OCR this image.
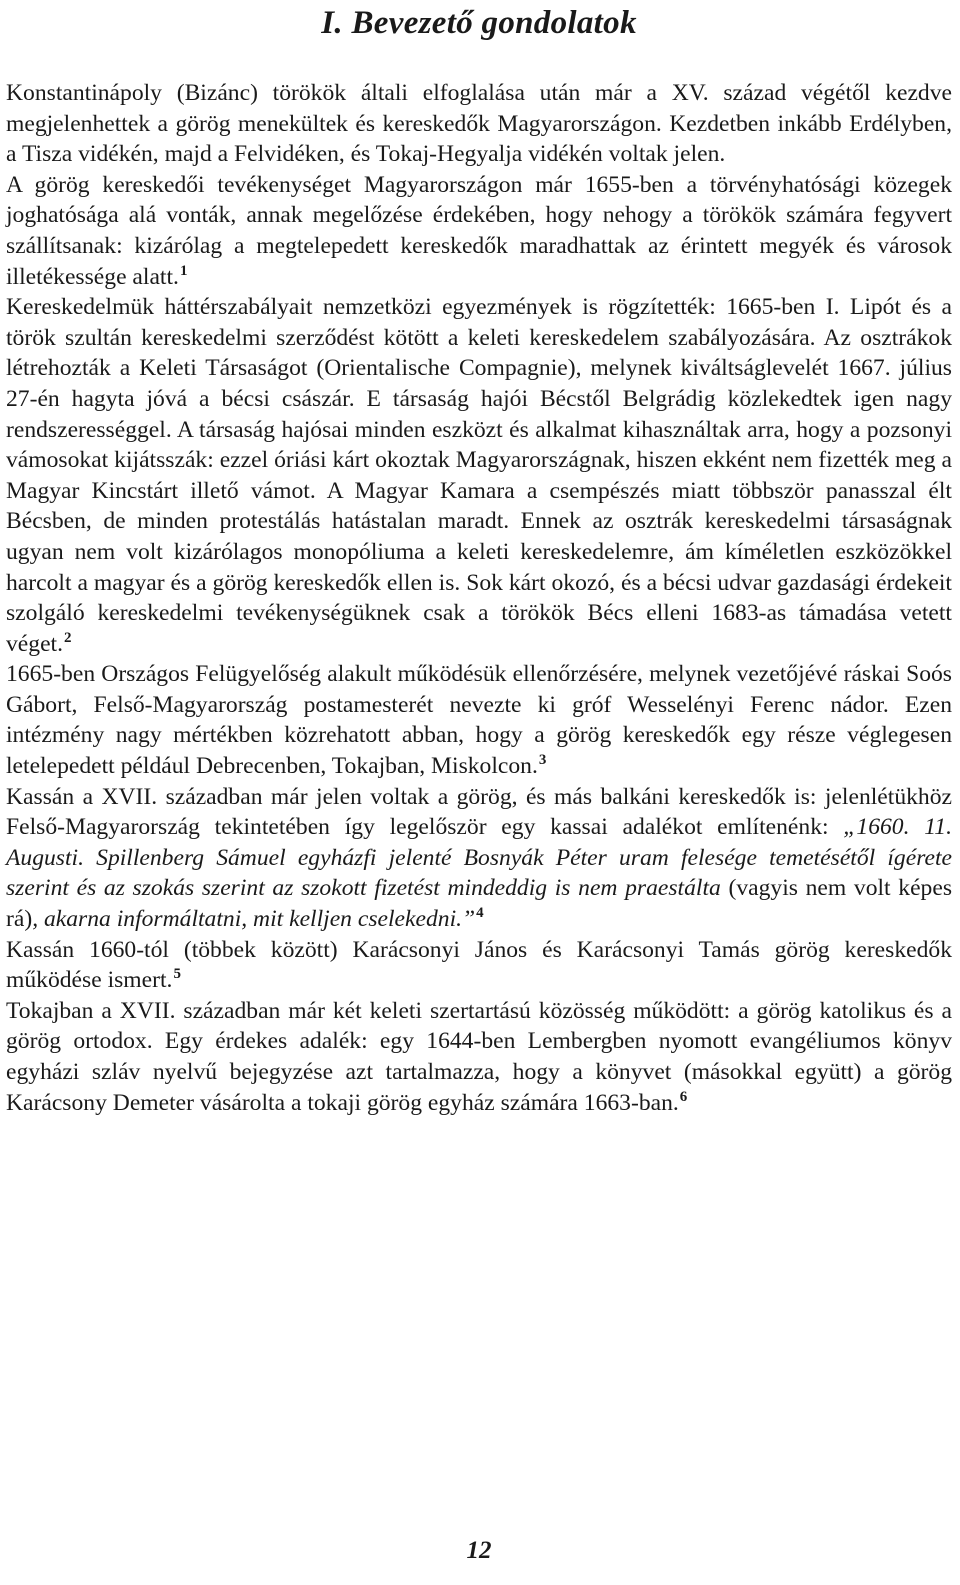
I. Bevezető gondolatok

Konstantinápoly (Bizánc) törökök általi elfoglalása után már a XV. század végétől kezdve megjelenhettek a görög menekültek és kereskedők Magyarországon. Kezdetben inkább Erdélyben, a Tisza vidékén, majd a Felvidéken, és Tokaj-Hegyalja vidékén voltak jelen.

A görög kereskedői tevékenységet Magyarországon már 1655-ben a törvényhatósági közegek joghatósága alá vonták, annak megelőzése érdekében, hogy nehogy a törökök számára fegyvert szállítsanak: kizárólag a megtelepedett kereskedők maradhattak az érintett megyék és városok illetékessége alatt.$^1$

Kereskedelmük háttérszabályait nemzetközi egyezmények is rögzítették: 1665-ben I. Lipót és a török szultán kereskedelmi szerződést kötött a keleti kereskedelem szabályozására. Az osztrákok létrehozták a Keleti Társaságot (Orientalische Compagnie), melynek kiváltságlevelét 1667. július 27-én hagyta jóvá a bécsi császár. E társaság hajói Bécstől Belgrádig közlekedtek igen nagy rendszerességgel. A társaság hajósai minden eszközt és alkalmat kihasználtak arra, hogy a pozsonyi vámosokat kijátsszák: ezzel óriási kárt okoztak Magyarországnak, hiszen ekként nem fizették meg a Magyar Kincstárt illető vámot. A Magyar Kamara a csempészés miatt többször panasszal élt Bécsben, de minden protestálás hatástalan maradt. Ennek az osztrák kereskedelmi társaságnak ugyan nem volt kizárólagos monopóliuma a keleti kereskedelemre, ám kíméletlen eszközökkel harcolt a magyar és a görög kereskedők ellen is. Sok kárt okozó, és a bécsi udvar gazdasági érdekeit szolgáló kereskedelmi tevékenységüknek csak a törökök Bécs elleni 1683-as támadása vetett véget.$^2$

1665-ben Országos Felügyelőség alakult működésük ellenőrzésére, melynek vezetőjévé ráskai Soós Gábort, Felső-Magyarország postamesterét nevezte ki gróf Wesselényi Ferenc nádor. Ezen intézmény nagy mértékben közrehatott abban, hogy a görög kereskedők egy része véglegesen letelepedett például Debrecenben, Tokajban, Miskolcon.$^3$

Kassán a XVII. században már jelen voltak a görög, és más balkáni kereskedők is: jelenlétükhöz Felső-Magyarország tekintetében így legelőször egy kassai adalékot említenénk: „1660. 11. Augusti. Spillenberg Sámuel egyházfi jelenté Bosnyák Péter uram felesége temetésétől ígérete szerint és az szokás szerint az szokott fizetést mindeddig is nem praestálta (vagyis nem volt képes rá), akarna informáltatni, mit kelljen cselekedni.”$^4$

Kassán 1660-tól (többek között) Karácsonyi János és Karácsonyi Tamás görög kereskedők működése ismert.$^5$

Tokajban a XVII. században már két keleti szertartású közösség működött: a görög katolikus és a görög ortodox. Egy érdekes adalék: egy 1644-ben Lembergben nyomott evangéliumos könyv egyházi szláv nyelvű bejegyzése azt tartalmazza, hogy a könyvet (másokkal együtt) a görög Karácsony Demeter vásárolta a tokaji görög egyház számára 1663-ban.$^6$

12
